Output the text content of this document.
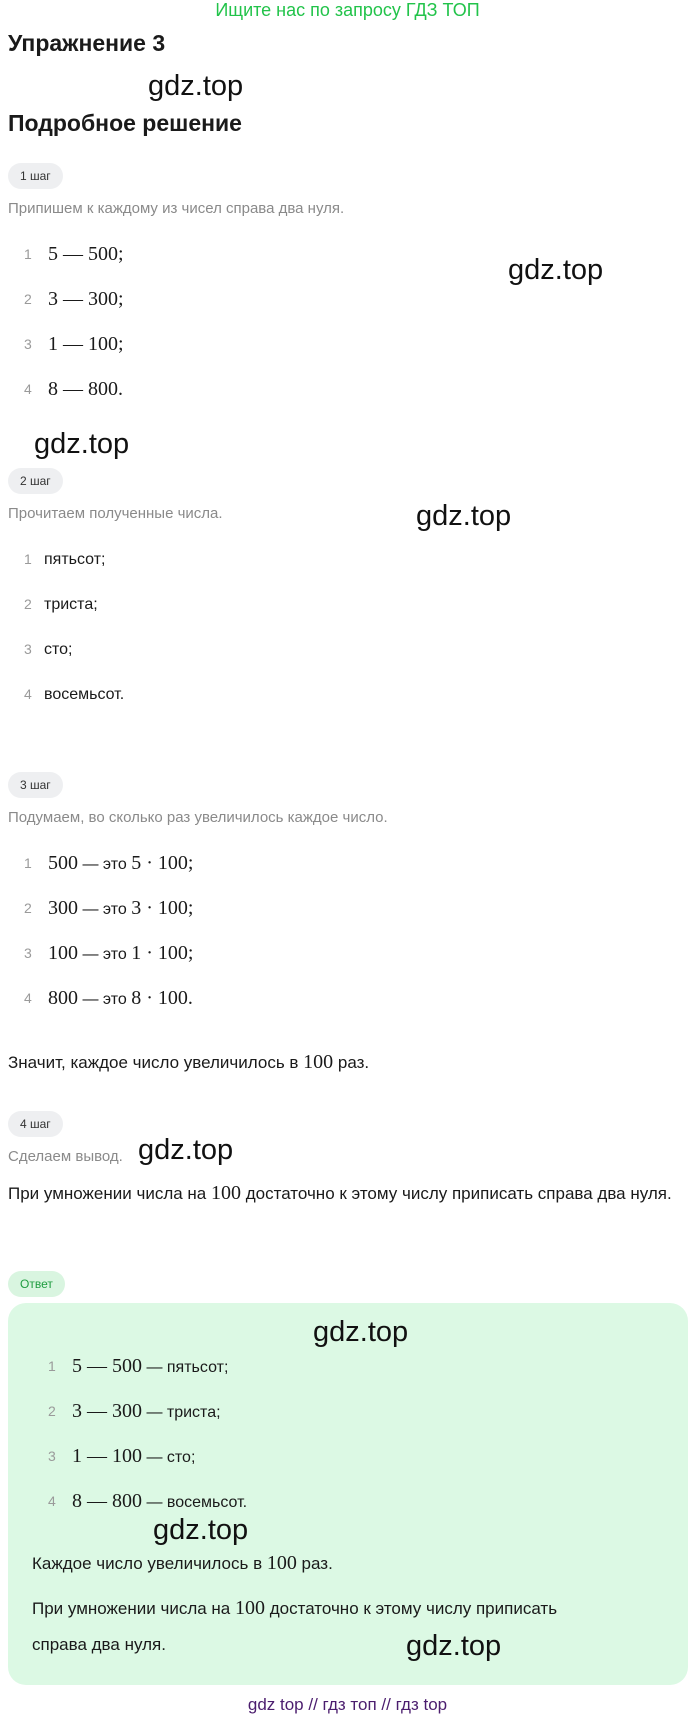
Ищите нас по запросу ГДЗ ТОП
Упражнение 3
gdz.top
Подробное решение
1 шаг
Припишем к каждому из чисел справа два нуля.
1 5 — 500;
2 3 — 300;
3 1 — 100;
4 8 — 800.
gdz.top
gdz.top
2 шаг
Прочитаем полученные числа.	gdz.top
1 пятьсот;
2 триста;
3 сто;
4 восемьсот.
3 шаг
Подумаем, во сколько раз увеличилось каждое число.
1 500 — это 5 · 100;
2 300 — это 3 · 100;
3 100 — это 1 · 100;
4 800 — это 8 · 100.
Значит, каждое число увеличилось в 100 раз.
4 шаг
Сделаем вывод. gdz.top
При умножении числа на 100 достаточно к этому числу приписать справа два нуля.
Ответ
gdz.top
1 5 — 500 — пятьсот;
2 3 — 300 — триста;
3 1 — 100 — сто;
4 8 — 800 — восемьсот.
gdz.top
Каждое число увеличилось в 100 раз.
При умножении числа на 100 достаточно к этому числу приписать
справа два нуля.	gdz.top
gdz top // гдз топ // гдз top
